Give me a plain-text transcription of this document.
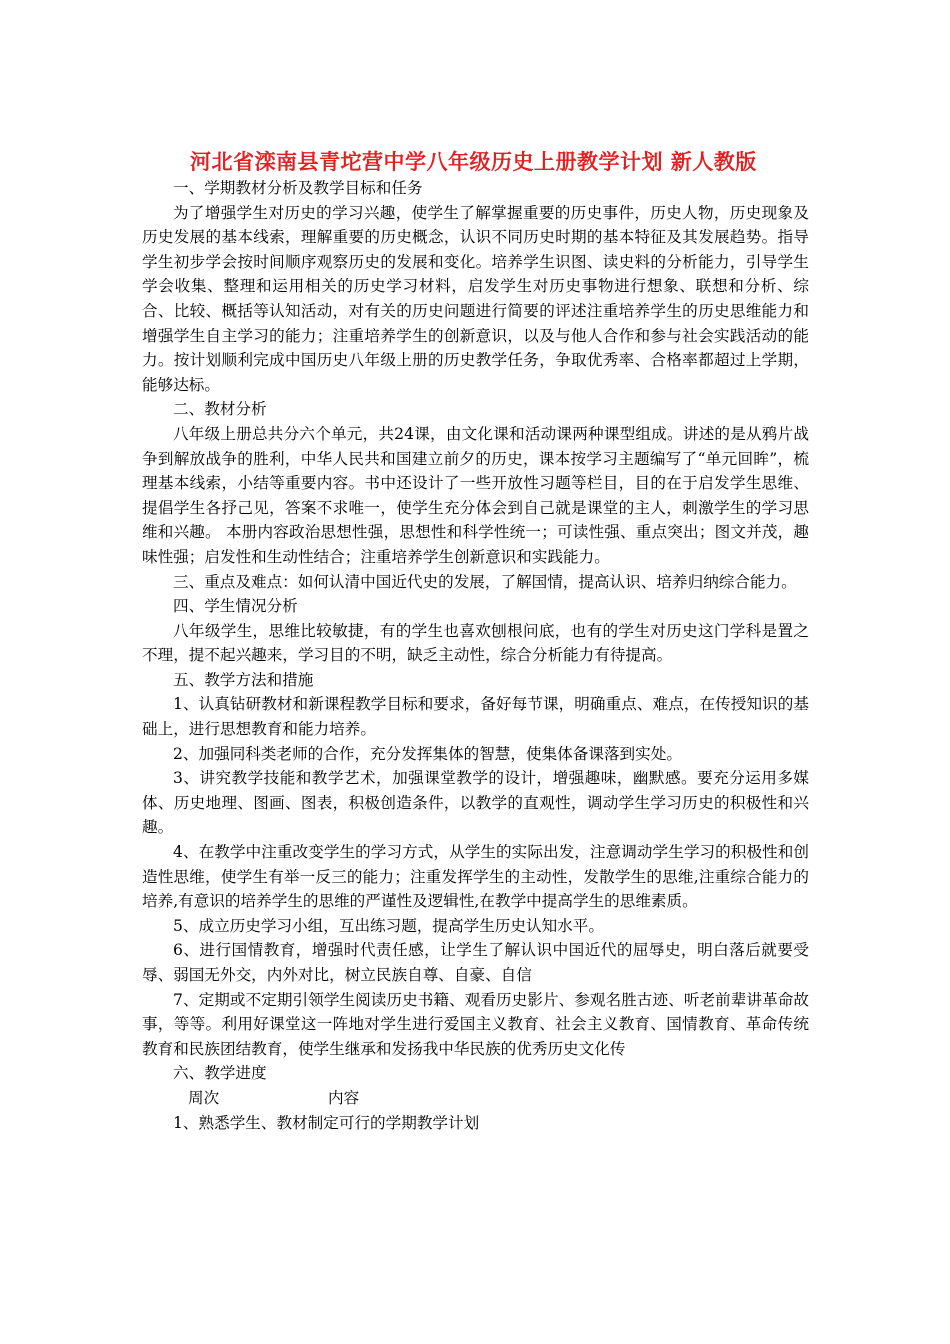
河北省滦南县青坨营中学八年级历史上册教学计划 新人教版

一、学期教材分析及教学目标和任务

为了增强学生对历史的学习兴趣，使学生了解掌握重要的历史事件，历史人物，历史现象及历史发展的基本线索，理解重要的历史概念，认识不同历史时期的基本特征及其发展趋势。指导学生初步学会按时间顺序观察历史的发展和变化。培养学生识图、读史料的分析能力，引导学生学会收集、整理和运用相关的历史学习材料，启发学生对历史事物进行想象、联想和分析、综合、比较、概括等认知活动，对有关的历史问题进行简要的评述注重培养学生的历史思维能力和增强学生自主学习的能力；注重培养学生的创新意识，以及与他人合作和参与社会实践活动的能力。按计划顺利完成中国历史八年级上册的历史教学任务，争取优秀率、合格率都超过上学期，能够达标。

二、教材分析

八年级上册总共分六个单元，共24课，由文化课和活动课两种课型组成。讲述的是从鸦片战争到解放战争的胜利，中华人民共和国建立前夕的历史，课本按学习主题编写了“单元回眸”，梳理基本线索，小结等重要内容。书中还设计了一些开放性习题等栏目，目的在于启发学生思维、提倡学生各抒己见，答案不求唯一，使学生充分体会到自己就是课堂的主人，刺激学生的学习思维和兴趣。 本册内容政治思想性强，思想性和科学性统一；可读性强、重点突出；图文并茂，趣味性强；启发性和生动性结合；注重培养学生创新意识和实践能力。

三、重点及难点：如何认清中国近代史的发展，了解国情，提高认识、培养归纳综合能力。

四、学生情况分析

八年级学生，思维比较敏捷，有的学生也喜欢刨根问底，也有的学生对历史这门学科是置之不理，提不起兴趣来，学习目的不明，缺乏主动性，综合分析能力有待提高。

五、教学方法和措施

1、认真钻研教材和新课程教学目标和要求，备好每节课，明确重点、难点，在传授知识的基础上，进行思想教育和能力培养。

2、加强同科类老师的合作，充分发挥集体的智慧，使集体备课落到实处。

3、讲究教学技能和教学艺术，加强课堂教学的设计，增强趣味，幽默感。要充分运用多媒体、历史地理、图画、图表，积极创造条件，以教学的直观性，调动学生学习历史的积极性和兴趣。

4、在教学中注重改变学生的学习方式，从学生的实际出发，注意调动学生学习的积极性和创造性思维，使学生有举一反三的能力；注重发挥学生的主动性，发散学生的思维,注重综合能力的培养,有意识的培养学生的思维的严谨性及逻辑性,在教学中提高学生的思维素质。

5、成立历史学习小组，互出练习题，提高学生历史认知水平。

6、进行国情教育，增强时代责任感，让学生了解认识中国近代的屈辱史，明白落后就要受辱、弱国无外交，内外对比，树立民族自尊、自豪、自信

7、定期或不定期引领学生阅读历史书籍、观看历史影片、参观名胜古迹、听老前辈讲革命故事，等等。利用好课堂这一阵地对学生进行爱国主义教育、社会主义教育、国情教育、革命传统教育和民族团结教育，使学生继承和发扬我中华民族的优秀历史文化传

六、教学进度

周次	内容

1、熟悉学生、教材制定可行的学期教学计划
